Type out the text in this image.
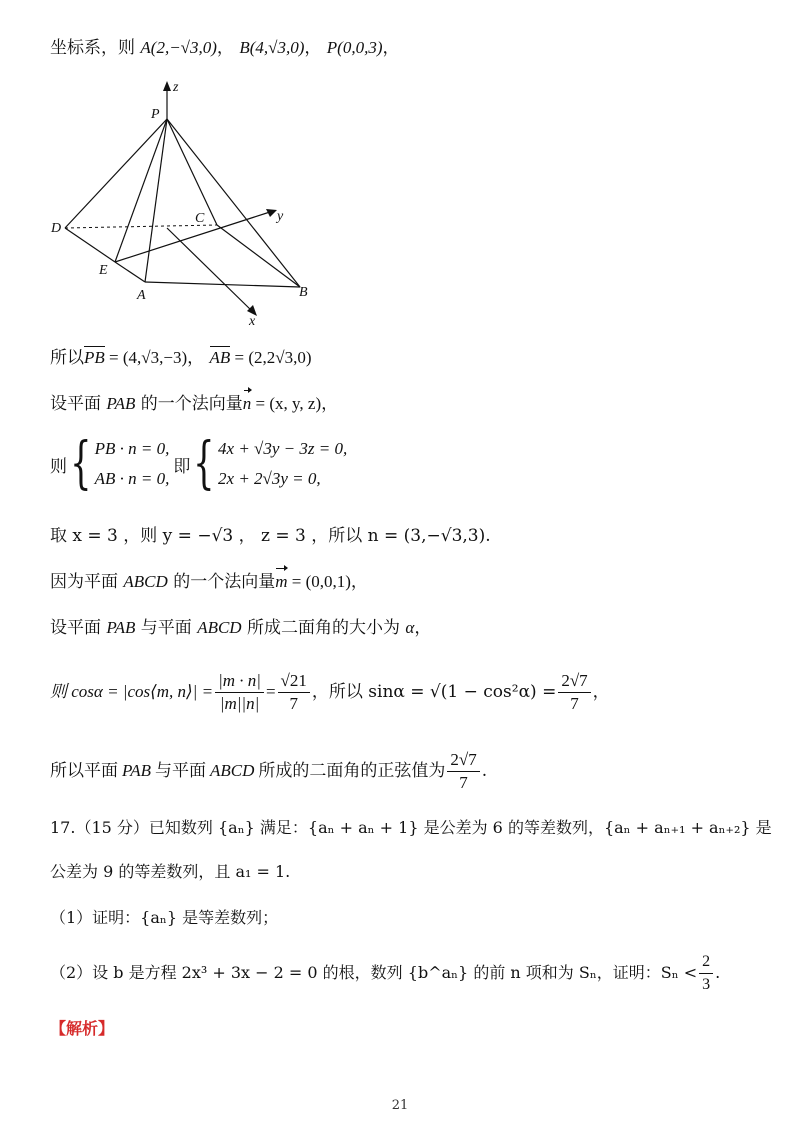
坐标系，则 A(2,−√3,0)， B(4,√3,0)， P(0,0,3)，
P
z
D
C	y
E
A	B
x
所以PB = (4,√3,−3)， AB = (2,2√3,0)
设平面 PAB 的一个法向量n = (x, y, z)，
则 { PB · n = 0,
AB · n = 0,
即 { 4x + √3y − 3z = 0,
2x + 2√3y = 0,
取 x = 3 ，则 y = −√3 ， z = 3 ，所以 n = (3,−√3,3).
因为平面 ABCD 的一个法向量m = (0,0,1)，
设平面 PAB 与平面 ABCD 所成二面角的大小为 α，
则 cosα = |cos⟨m, n⟩| = $\frac{|m \cdot n|}{|m||n|} = \frac{√21}{7}$ ，所以 $\sin\alpha = √(1 - \cos^2\alpha) = \frac{2√7}{7}$ ，
所以平面 PAB 与平面 ABCD 所成的二面角的正弦值为 $\frac{2√7}{7}$ .
17.（15 分）已知数列 {aₙ} 满足：{aₙ + aₙ + 1} 是公差为 6 的等差数列，{aₙ + aₙ₊₁ + aₙ₊₂} 是
公差为 9 的等差数列，且 a₁ = 1.
（1）证明：{aₙ} 是等差数列；
（2）设 b 是方程 2x³ + 3x − 2 = 0 的根，数列 {b^aₙ} 的前 n 项和为 Sₙ，证明：$S_n < \frac{2}{3}$ .
【解析】
21
